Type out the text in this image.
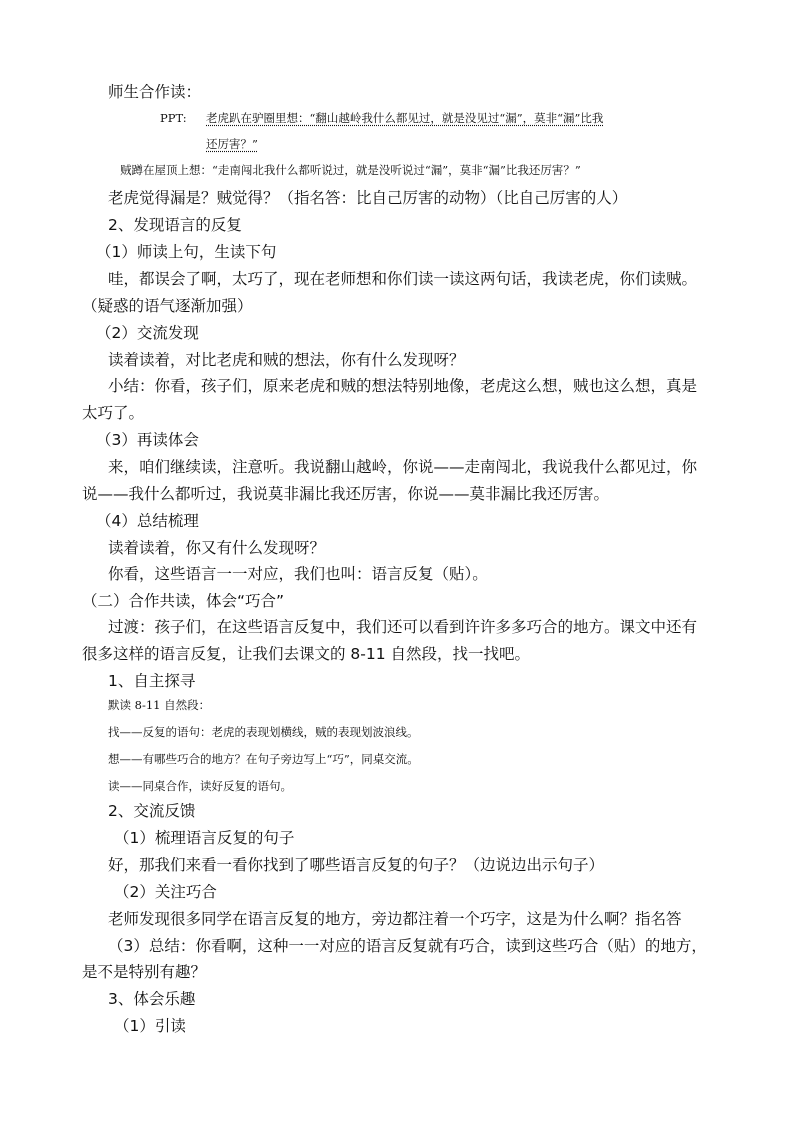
师生合作读：
PPT: 老虎趴在驴圈里想：“翻山越岭我什么都见过，就是没见过“漏”，莫非“漏”比我
还厉害？”
贼蹲在屋顶上想：“走南闯北我什么都听说过，就是没听说过“漏”，莫非“漏”比我还厉害？”
老虎觉得漏是？贼觉得？（指名答：比自己厉害的动物）（比自己厉害的人）
2、发现语言的反复
（1）师读上句，生读下句
哇，都误会了啊，太巧了，现在老师想和你们读一读这两句话，我读老虎，你们读贼。
（疑惑的语气逐渐加强）
（2）交流发现
读着读着，对比老虎和贼的想法，你有什么发现呀？
小结：你看，孩子们，原来老虎和贼的想法特别地像，老虎这么想，贼也这么想，真是
太巧了。
（3）再读体会
来，咱们继续读，注意听。我说翻山越岭，你说——走南闯北，我说我什么都见过，你
说——我什么都听过，我说莫非漏比我还厉害，你说——莫非漏比我还厉害。
（4）总结梳理
读着读着，你又有什么发现呀？
你看，这些语言一一对应，我们也叫：语言反复（贴）。
（二）合作共读，体会“巧合”
过渡：孩子们，在这些语言反复中，我们还可以看到许许多多巧合的地方。课文中还有
很多这样的语言反复，让我们去课文的 8-11 自然段，找一找吧。
1、自主探寻
默读 8-11 自然段：
找——反复的语句：老虎的表现划横线，贼的表现划波浪线。
想——有哪些巧合的地方？在句子旁边写上“巧”，同桌交流。
读——同桌合作，读好反复的语句。
2、交流反馈
（1）梳理语言反复的句子
好，那我们来看一看你找到了哪些语言反复的句子？（边说边出示句子）
（2）关注巧合
老师发现很多同学在语言反复的地方，旁边都注着一个巧字，这是为什么啊？指名答
（3）总结：你看啊，这种一一对应的语言反复就有巧合，读到这些巧合（贴）的地方，
是不是特别有趣？
3、体会乐趣
（1）引读
